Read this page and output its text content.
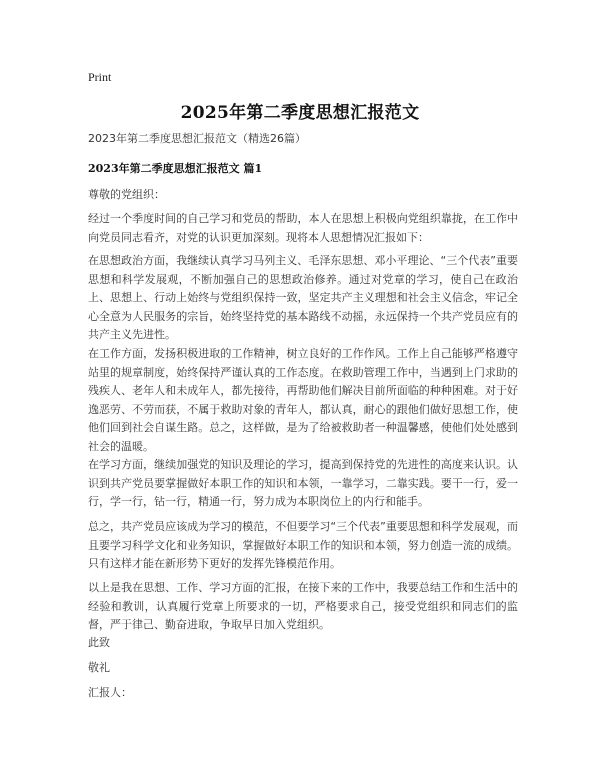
Print
2025年第二季度思想汇报范文
2023年第二季度思想汇报范文（精选26篇）
2023年第二季度思想汇报范文 篇1

尊敬的党组织：

经过一个季度时间的自己学习和党员的帮助，本人在思想上积极向党组织靠拢，在工作中向党员同志看齐，对党的认识更加深刻。现将本人思想情况汇报如下：

在思想政治方面，我继续认真学习马列主义、毛泽东思想、邓小平理论、“三个代表”重要思想和科学发展观，不断加强自己的思想政治修养。通过对党章的学习，使自己在政治上、思想上、行动上始终与党组织保持一致，坚定共产主义理想和社会主义信念，牢记全心全意为人民服务的宗旨，始终坚持党的基本路线不动摇，永远保持一个共产党员应有的共产主义先进性。

在工作方面，发扬积极进取的工作精神，树立良好的工作作风。工作上自己能够严格遵守站里的规章制度，始终保持严谨认真的工作态度。在救助管理工作中，当遇到上门求助的残疾人、老年人和未成年人，都先接待，再帮助他们解决目前所面临的种种困难。对于好逸恶劳、不劳而获，不属于救助对象的青年人，都认真，耐心的跟他们做好思想工作，使他们回到社会自谋生路。总之，这样做，是为了给被救助者一种温馨感，使他们处处感到社会的温暖。

在学习方面，继续加强党的知识及理论的学习，提高到保持党的先进性的高度来认识。认识到共产党员要掌握做好本职工作的知识和本领，一靠学习，二靠实践。要干一行，爱一行，学一行，钻一行，精通一行，努力成为本职岗位上的内行和能手。

总之，共产党员应该成为学习的模范，不但要学习“三个代表”重要思想和科学发展观，而且要学习科学文化和业务知识，掌握做好本职工作的知识和本领，努力创造一流的成绩。只有这样才能在新形势下更好的发挥先锋模范作用。

以上是我在思想、工作、学习方面的汇报，在接下来的工作中，我要总结工作和生活中的经验和教训，认真履行党章上所要求的一切，严格要求自己，接受党组织和同志们的监督，严于律己、勤奋进取，争取早日加入党组织。

此致

敬礼

汇报人：
